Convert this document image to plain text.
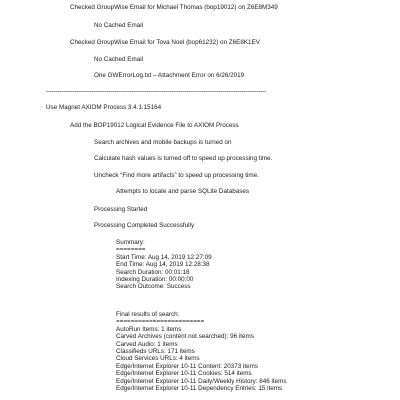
Checked GroupWise Email for Michael Thomas (bop19012) on Z6E8M349
No Cached Email
Checked GroupWise Email for Tova Noel (bop61232) on Z6E8K1EV
No Cached Email
One GWErrorLog.txt – Attachment Error on 6/26/2019
--------------------------------------------------------------------------------------------------------------------
Use Magnet AXIOM Process 3.4.1.15164
Add the BOP19012 Logical Evidence File to AXIOM Process
Search archives and mobile backups is turned on
Calculate hash values is turned off to speed up processing time.
Uncheck “Find more artifacts” to speed up processing time.
Attempts to locate and parse SQLite Databases
Processing Started
Processing Completed Successfully
Summary:
========
Start Time: Aug 14, 2019 12:27:09
End Time: Aug 14, 2019 12:28:38
Search Duration: 00:01:18
Indexing Duration: 00:00:00
Search Outcome: Success
Final results of search:
========================
AutoRun Items: 1 items
Carved Archives (content not searched): 96 items
Carved Audio: 1 items
Classifieds URLs: 171 items
Cloud Services URLs: 4 items
Edge/Internet Explorer 10-11 Content: 20373 items
Edge/Internet Explorer 10-11 Cookies: 514 items
Edge/Internet Explorer 10-11 Daily/Weekly History: 846 items
Edge/Internet Explorer 10-11 Dependency Entries: 15 items
